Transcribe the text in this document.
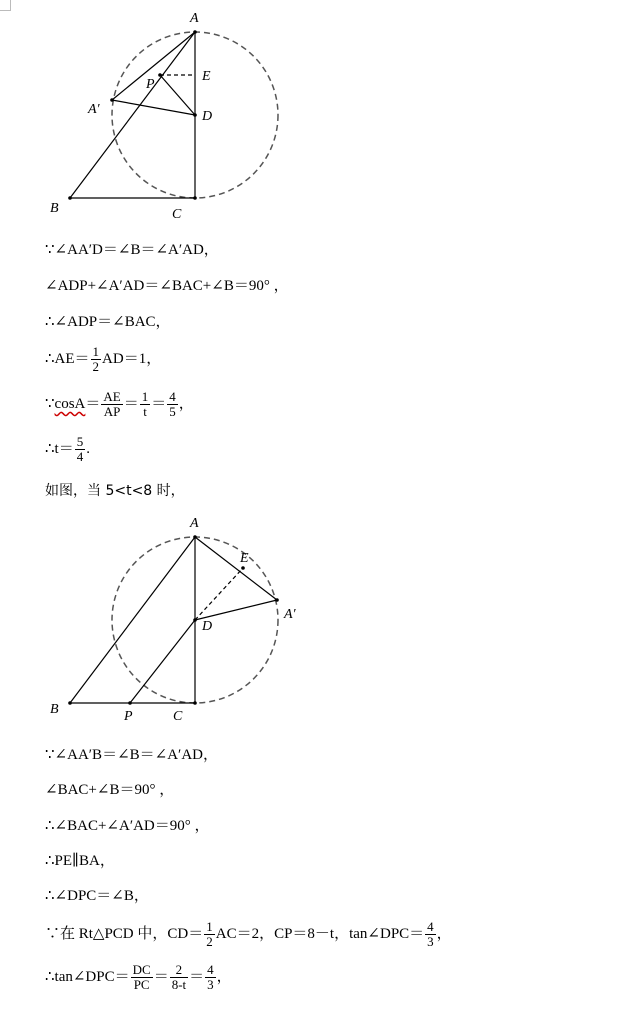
A
E
P
A′	D
B	C
∵∠AA′D＝∠B＝∠A′AD，
∠ADP+∠A′AD＝∠BAC+∠B＝90° ，
∴∠ADP＝∠BAC，
∴AE＝ $\frac{1}{2} AD=1$，
∵cosA＝ $\frac{AE}{AP} = \frac{1}{t} = \frac{4}{5}$ ，
∴t＝ $\frac{5}{4}$ .
如图，当 5<t<8 时，
A
E
A′
D
B	P	C
∵∠AA′B＝∠B＝∠A′AD，
∠BAC+∠B＝90° ，
∴∠BAC+∠A′AD＝90° ，
∴PE∥BA，
∴∠DPC＝∠B，
∵在 Rt△PCD 中，$CD= \frac{1}{2} AC=2$，CP＝8－t，tan∠DPC＝ $\frac{4}{3}$ ，
∴tan∠DPC＝ $\frac{DC}{PC} = \frac{2}{8-t} = \frac{4}{3}$ ，
